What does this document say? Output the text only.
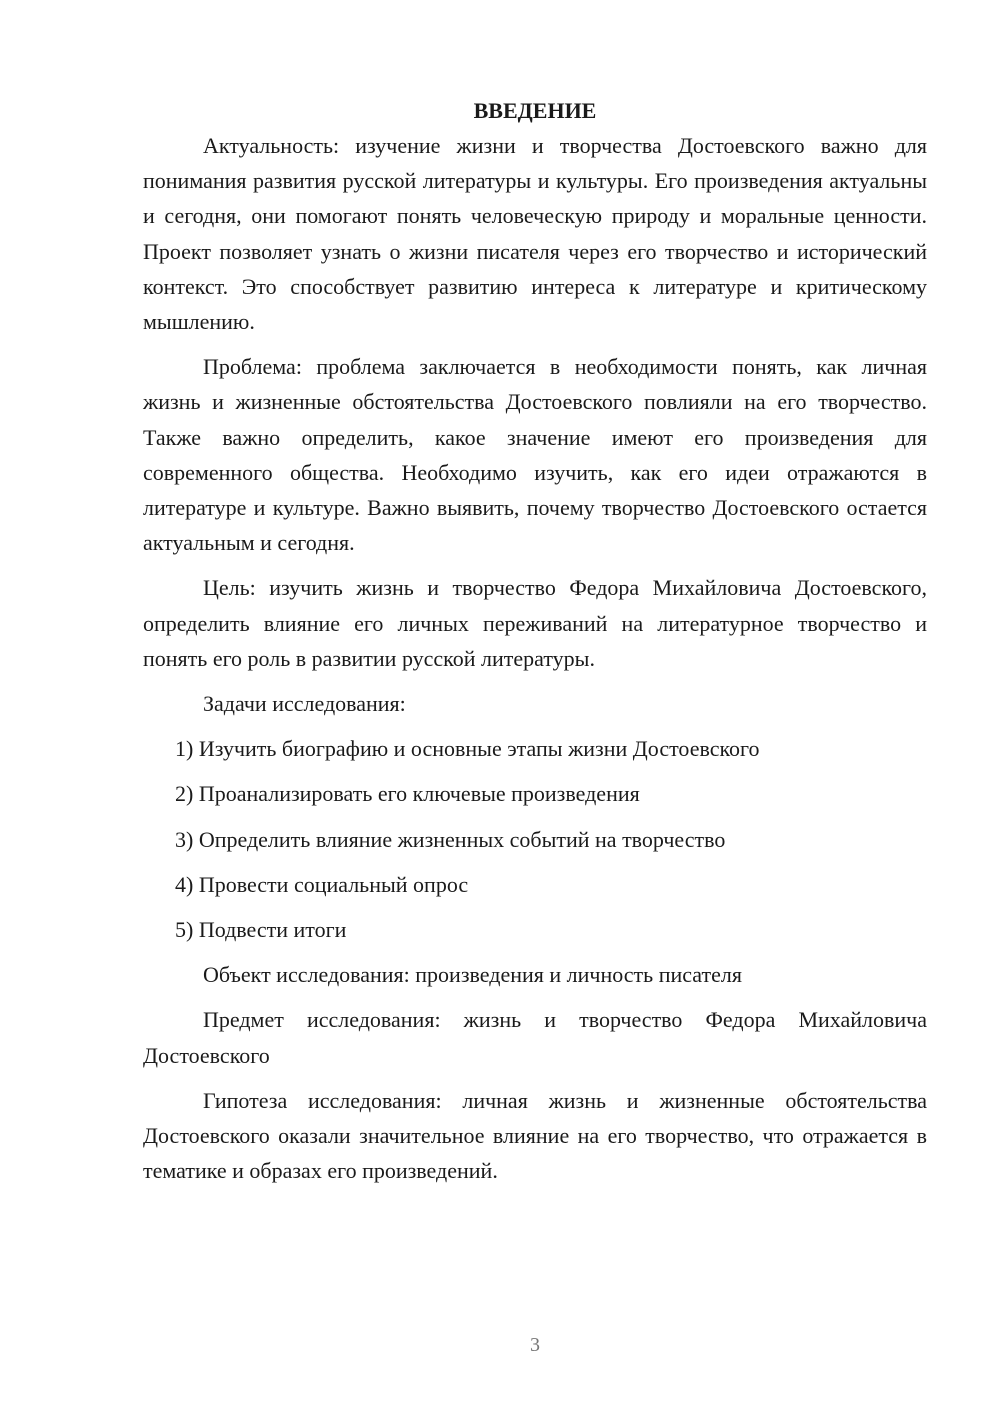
ВВЕДЕНИЕ

Актуальность: изучение жизни и творчества Достоевского важно для понимания развития русской литературы и культуры. Его произведения актуальны и сегодня, они помогают понять человеческую природу и моральные ценности. Проект позволяет узнать о жизни писателя через его творчество и исторический контекст. Это способствует развитию интереса к литературе и критическому мышлению.

Проблема: проблема заключается в необходимости понять, как личная жизнь и жизненные обстоятельства Достоевского повлияли на его творчество. Также важно определить, какое значение имеют его произведения для современного общества. Необходимо изучить, как его идеи отражаются в литературе и культуре. Важно выявить, почему творчество Достоевского остается актуальным и сегодня.

Цель: изучить жизнь и творчество Федора Михайловича Достоевского, определить влияние его личных переживаний на литературное творчество и понять его роль в развитии русской литературы.

Задачи исследования:

1) Изучить биографию и основные этапы жизни Достоевского
2) Проанализировать его ключевые произведения
3) Определить влияние жизненных событий на творчество
4) Провести социальный опрос
5) Подвести итоги

Объект исследования: произведения и личность писателя

Предмет исследования: жизнь и творчество Федора Михайловича Достоевского

Гипотеза исследования: личная жизнь и жизненные обстоятельства Достоевского оказали значительное влияние на его творчество, что отражается в тематике и образах его произведений.

3
